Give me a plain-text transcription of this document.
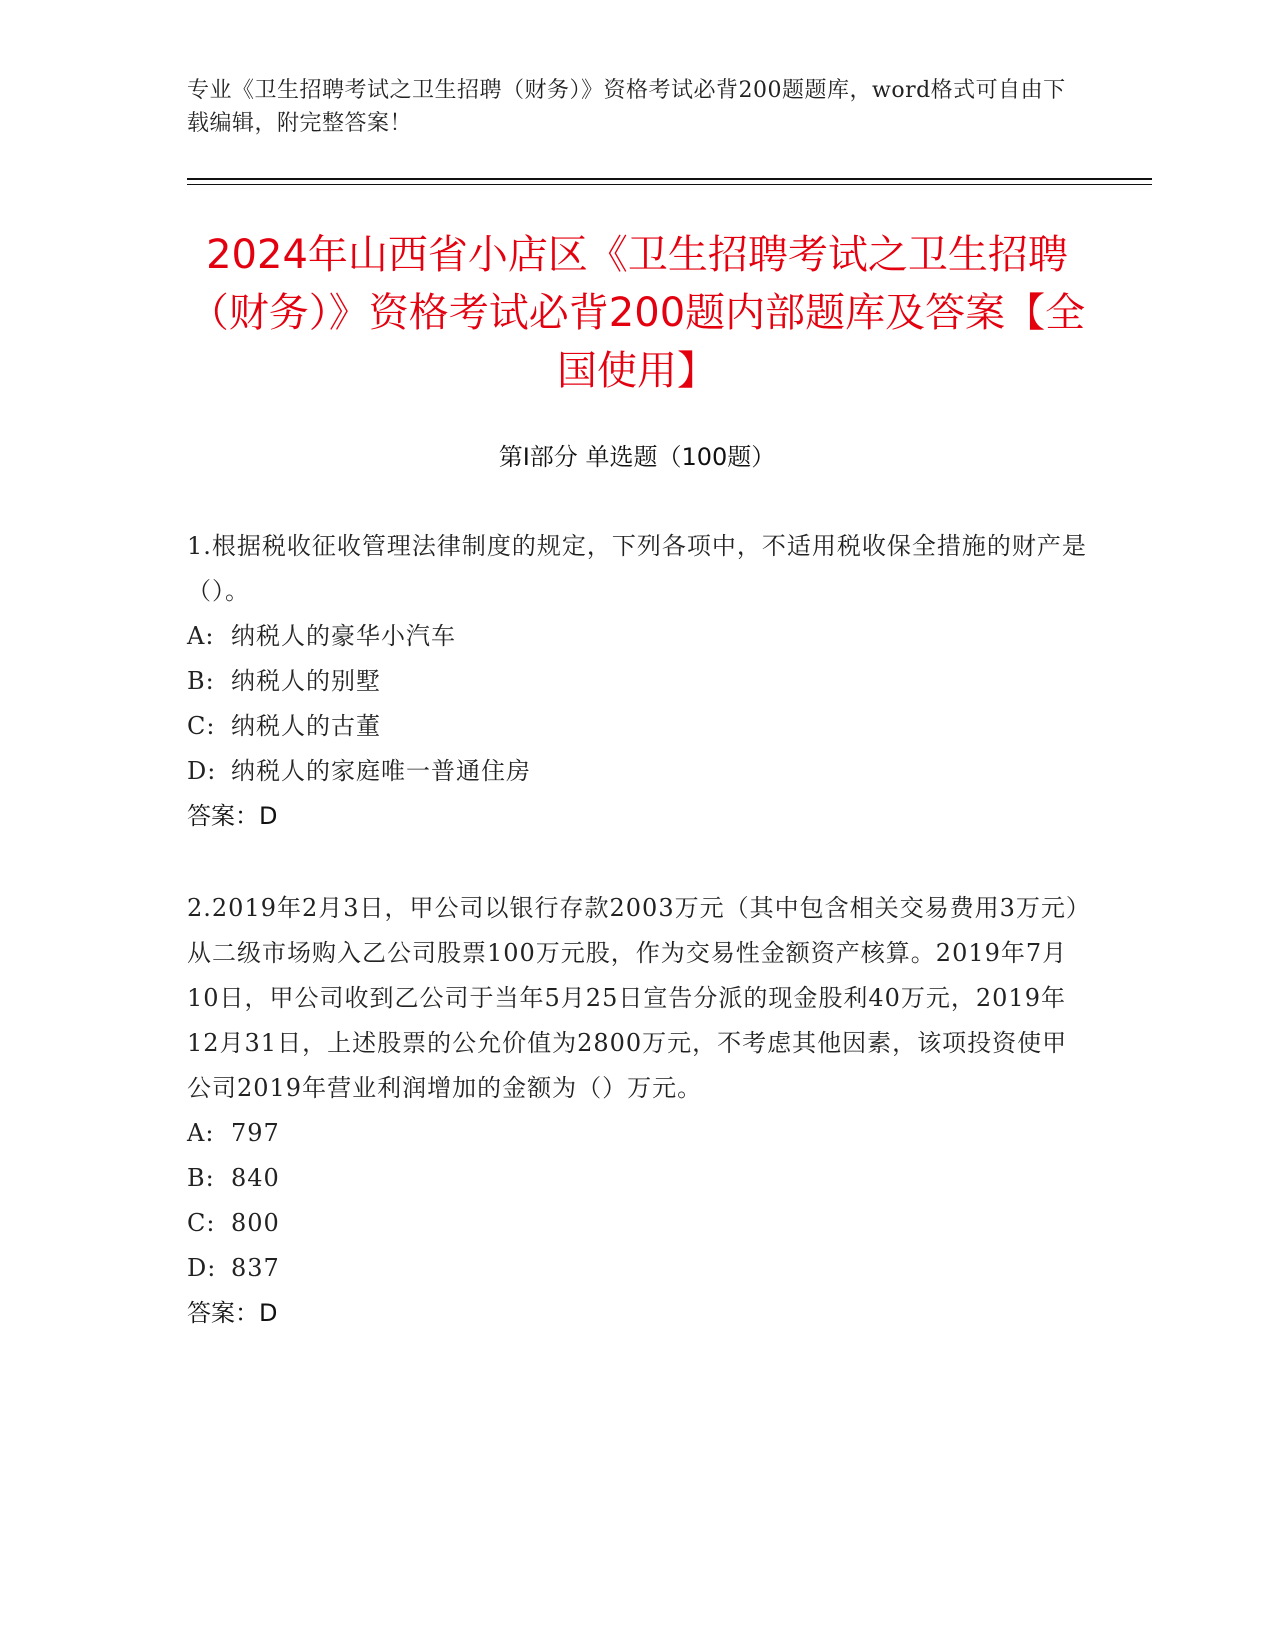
专业《卫生招聘考试之卫生招聘（财务）》资格考试必背200题题库，word格式可自由下载编辑，附完整答案！
2024年山西省小店区《卫生招聘考试之卫生招聘（财务）》资格考试必背200题内部题库及答案【全国使用】
第I部分 单选题（100题）
1.根据税收征收管理法律制度的规定，下列各项中，不适用税收保全措施的财产是（）。
A: 纳税人的豪华小汽车
B: 纳税人的别墅
C: 纳税人的古董
D: 纳税人的家庭唯一普通住房
答案：D
2.2019年2月3日，甲公司以银行存款2003万元（其中包含相关交易费用3万元）从二级市场购入乙公司股票100万元股，作为交易性金额资产核算。2019年7月10日，甲公司收到乙公司于当年5月25日宣告分派的现金股利40万元，2019年12月31日，上述股票的公允价值为2800万元，不考虑其他因素，该项投资使甲公司2019年营业利润增加的金额为（）万元。
A: 797
B: 840
C: 800
D: 837
答案：D
